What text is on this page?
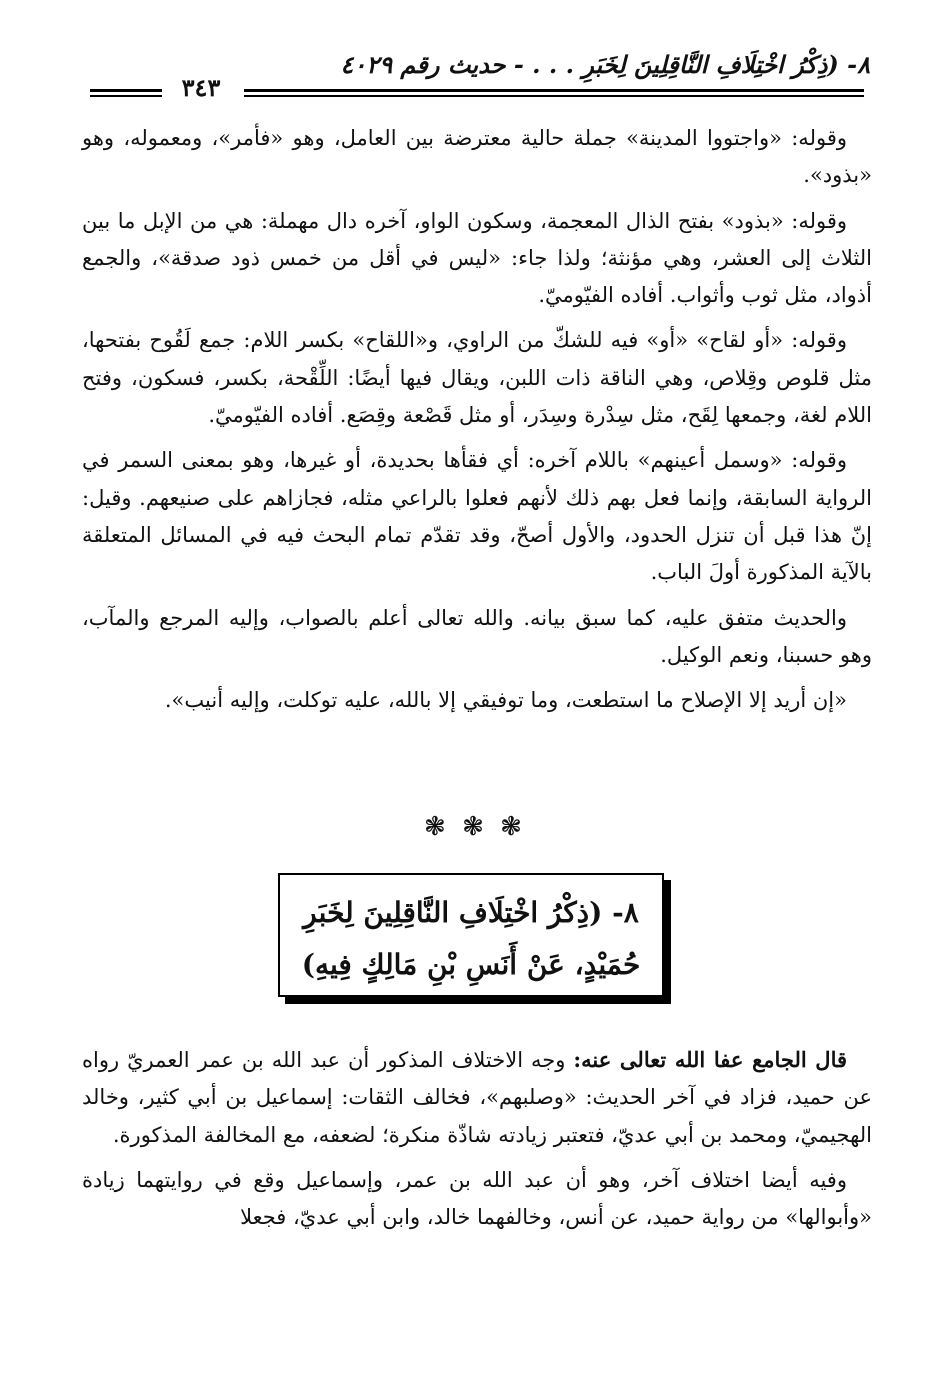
٨- (ذِكْرُ اخْتِلَافِ النَّاقِلِينَ لِخَبَرِ . . . - حديث رقم ٤٠٢٩
٣٤٣

وقوله: «واجتووا المدينة» جملة حالية معترضة بين العامل، وهو «فأمر»، ومعموله، وهو «بذود».

وقوله: «بذود» بفتح الذال المعجمة، وسكون الواو، آخره دال مهملة: هي من الإبل ما بين الثلاث إلى العشر، وهي مؤنثة؛ ولذا جاء: «ليس في أقل من خمس ذود صدقة»، والجمع أذواد، مثل ثوب وأثواب. أفاده الفيّوميّ.

وقوله: «أو لقاح» «أو» فيه للشكّ من الراوي، و«اللقاح» بكسر اللام: جمع لَقُوح بفتحها، مثل قلوص وقِلاص، وهي الناقة ذات اللبن، ويقال فيها أيضًا: اللِّقْحة، بكسر، فسكون، وفتح اللام لغة، وجمعها لِقَح، مثل سِدْرة وسِدَر، أو مثل قَصْعة وقِصَع. أفاده الفيّوميّ.

وقوله: «وسمل أعينهم» باللام آخره: أي فقأها بحديدة، أو غيرها، وهو بمعنى السمر في الرواية السابقة، وإنما فعل بهم ذلك لأنهم فعلوا بالراعي مثله، فجازاهم على صنيعهم. وقيل: إنّ هذا قبل أن تنزل الحدود، والأول أصحّ، وقد تقدّم تمام البحث فيه في المسائل المتعلقة بالآية المذكورة أولَ الباب.

والحديث متفق عليه، كما سبق بيانه. والله تعالى أعلم بالصواب، وإليه المرجع والمآب، وهو حسبنا، ونعم الوكيل.

«إن أريد إلا الإصلاح ما استطعت، وما توفيقي إلا بالله، عليه توكلت، وإليه أنيب».

❃ ❃ ❃
٨- (ذِكْرُ اخْتِلَافِ النَّاقِلِينَ لِخَبَرِ
حُمَيْدٍ، عَنْ أَنَسِ بْنِ مَالِكٍ فِيهِ)

قال الجامع عفا الله تعالى عنه: وجه الاختلاف المذكور أن عبد الله بن عمر العمريّ رواه عن حميد، فزاد في آخر الحديث: «وصلبهم»، فخالف الثقات: إسماعيل بن أبي كثير، وخالد الهجيميّ، ومحمد بن أبي عديّ، فتعتبر زيادته شاذّة منكرة؛ لضعفه، مع المخالفة المذكورة.

وفيه أيضا اختلاف آخر، وهو أن عبد الله بن عمر، وإسماعيل وقع في روايتهما زيادة «وأبوالها» من رواية حميد، عن أنس، وخالفهما خالد، وابن أبي عديّ، فجعلا
